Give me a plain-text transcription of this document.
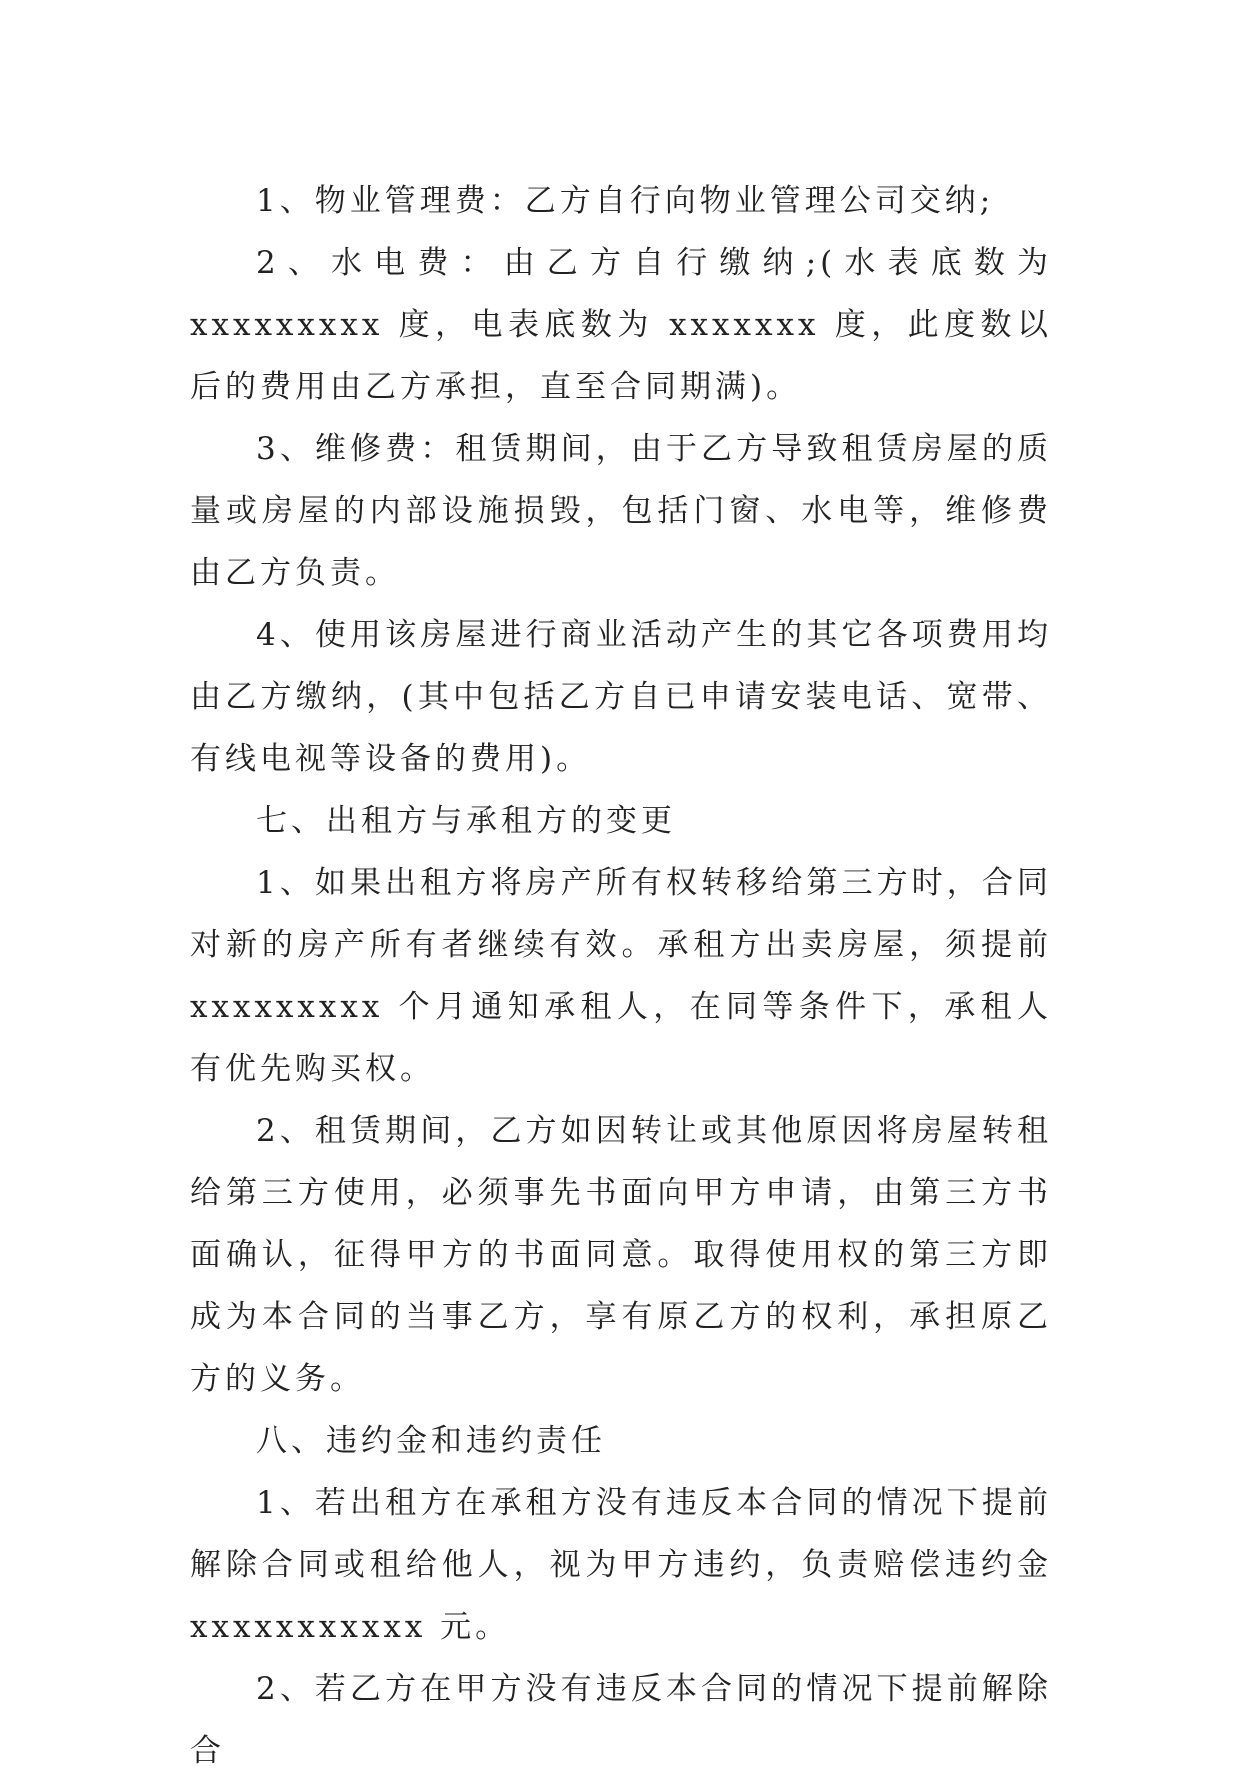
1、物业管理费：乙方自行向物业管理公司交纳;

2、水电费：由乙方自行缴纳;(水表底数为 xxxxxxxxx 度，电表底数为 xxxxxxx 度，此度数以后的费用由乙方承担，直至合同期满)。

3、维修费：租赁期间，由于乙方导致租赁房屋的质量或房屋的内部设施损毁，包括门窗、水电等，维修费由乙方负责。

4、使用该房屋进行商业活动产生的其它各项费用均由乙方缴纳，(其中包括乙方自已申请安装电话、宽带、有线电视等设备的费用)。

七、出租方与承租方的变更

1、如果出租方将房产所有权转移给第三方时，合同对新的房产所有者继续有效。承租方出卖房屋，须提前 xxxxxxxxx 个月通知承租人，在同等条件下，承租人有优先购买权。

2、租赁期间，乙方如因转让或其他原因将房屋转租给第三方使用，必须事先书面向甲方申请，由第三方书面确认，征得甲方的书面同意。取得使用权的第三方即成为本合同的当事乙方，享有原乙方的权利，承担原乙方的义务。

八、违约金和违约责任

1、若出租方在承租方没有违反本合同的情况下提前解除合同或租给他人，视为甲方违约，负责赔偿违约金 xxxxxxxxxxx 元。

2、若乙方在甲方没有违反本合同的情况下提前解除合
